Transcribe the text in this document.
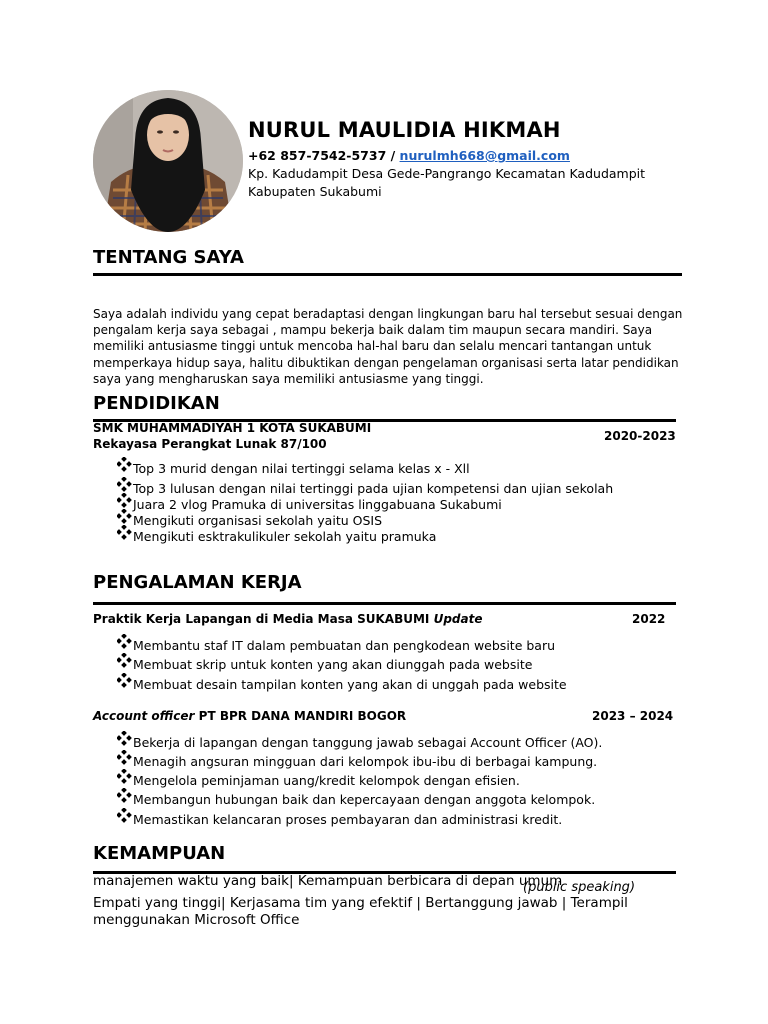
NURUL MAULIDIA HIKMAH
+62 857-7542-5737 / nurulmh668@gmail.com
Kp. Kadudampit Desa Gede-Pangrango Kecamatan Kadudampit
Kabupaten Sukabumi
TENTANG SAYA
Saya adalah individu yang cepat beradaptasi dengan lingkungan baru hal tersebut sesuai dengan pengalam kerja saya sebagai , mampu bekerja baik dalam tim maupun secara mandiri. Saya memiliki antusiasme tinggi untuk mencoba hal-hal baru dan selalu mencari tantangan untuk memperkaya hidup saya, halitu dibuktikan dengan pengelaman organisasi serta latar pendidikan saya yang mengharuskan saya memiliki antusiasme yang tinggi.
PENDIDIKAN
SMK MUHAMMADIYAH 1 KOTA SUKABUMI
Rekayasa Perangkat Lunak 87/100
2020-2023
Top 3 murid dengan nilai tertinggi selama kelas x - Xll
Top 3 lulusan dengan nilai tertinggi pada ujian kompetensi dan ujian sekolah
Juara 2 vlog Pramuka di universitas linggabuana Sukabumi
Mengikuti organisasi sekolah yaitu OSIS
Mengikuti esktrakulikuler sekolah yaitu pramuka
PENGALAMAN KERJA
Praktik Kerja Lapangan di Media Masa SUKABUMI Update	2022
Membantu staf IT dalam pembuatan dan pengkodean website baru
Membuat skrip untuk konten yang akan diunggah pada website
Membuat desain tampilan konten yang akan di unggah pada website
Account officer PT BPR DANA MANDIRI BOGOR	2023 – 2024
Bekerja di lapangan dengan tanggung jawab sebagai Account Officer (AO).
Menagih angsuran mingguan dari kelompok ibu-ibu di berbagai kampung.
Mengelola peminjaman uang/kredit kelompok dengan efisien.
Membangun hubungan baik dan kepercayaan dengan anggota kelompok.
Memastikan kelancaran proses pembayaran dan administrasi kredit.
KEMAMPUAN
manajemen waktu yang baik| Kemampuan berbicara di depan umum
(public speaking)
Empati yang tinggi| Kerjasama tim yang efektif | Bertanggung jawab | Terampil
menggunakan Microsoft Office
